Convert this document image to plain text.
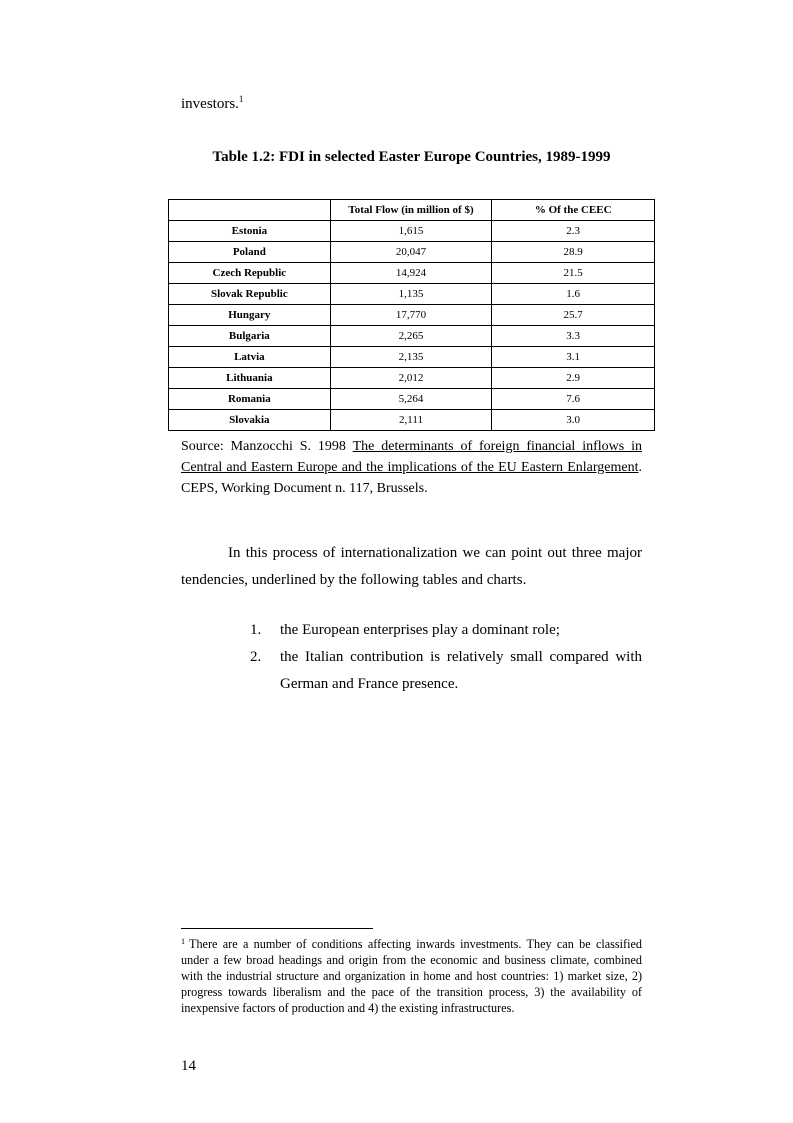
investors.$^1$
Table 1.2: FDI in selected Easter Europe Countries, 1989-1999
	Total Flow (in million of $)	% Of the CEEC
Estonia	1,615	2.3
Poland	20,047	28.9
Czech Republic	14,924	21.5
Slovak Republic	1,135	1.6
Hungary	17,770	25.7
Bulgaria	2,265	3.3
Latvia	2,135	3.1
Lithuania	2,012	2.9
Romania	5,264	7.6
Slovakia	2,111	3.0
Source: Manzocchi S. 1998 The determinants of foreign financial inflows in Central and Eastern Europe and the implications of the EU Eastern Enlargement. CEPS, Working Document n. 117, Brussels.
In this process of internationalization we can point out three major tendencies, underlined by the following tables and charts.
1.	the European enterprises play a dominant role;
2.	the Italian contribution is relatively small compared with German and France presence.
$^1$ There are a number of conditions affecting inwards investments. They can be classified under a few broad headings and origin from the economic and business climate, combined with the industrial structure and organization in home and host countries: 1) market size, 2) progress towards liberalism and the pace of the transition process, 3) the availability of inexpensive factors of production and 4) the existing infrastructures.
14
